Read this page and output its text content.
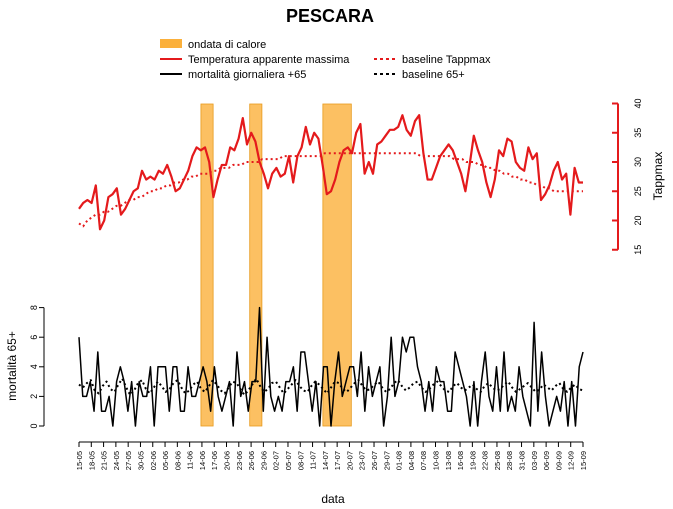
PESCARA
ondata di calore
Temperatura apparente massima	baseline Tappmax
mortalità giornaliera +65	baseline 65+
15
20
25
30
35
40
0
2
4
6
8
15-05 18-05 21-05 24-05 27-05 30-05 02-06 05-06 08-06 11-06 14-06 17-06 20-06 23-06 26-06 29-06 02-07 05-07 08-07 11-07 14-07 17-07 20-07 23-07 26-07 29-07 01-08 04-08 07-08 10-08 13-08 16-08 19-08 22-08 25-08 28-08 31-08 03-09 06-09 09-09 12-09 15-09
Tappmax
mortalità 65+
data
